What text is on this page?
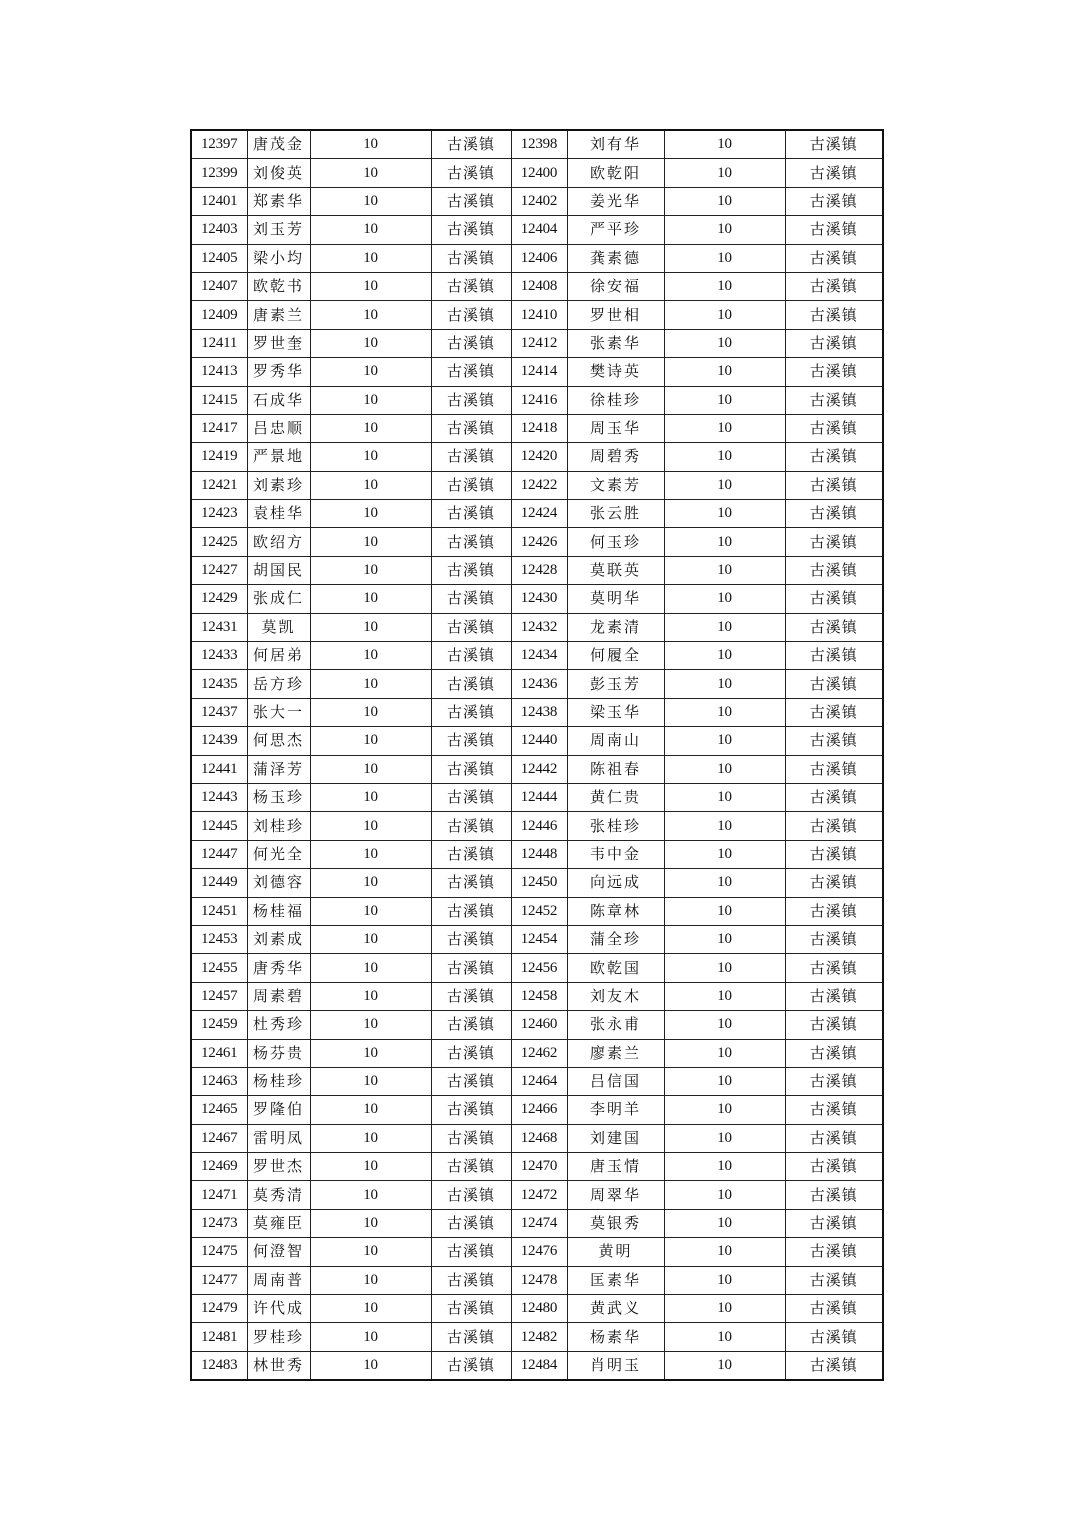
12397	唐茂金	10	古溪镇	12398	刘有华	10	古溪镇
12399	刘俊英	10	古溪镇	12400	欧乾阳	10	古溪镇
12401	郑素华	10	古溪镇	12402	姜光华	10	古溪镇
12403	刘玉芳	10	古溪镇	12404	严平珍	10	古溪镇
12405	梁小均	10	古溪镇	12406	龚素德	10	古溪镇
12407	欧乾书	10	古溪镇	12408	徐安福	10	古溪镇
12409	唐素兰	10	古溪镇	12410	罗世相	10	古溪镇
12411	罗世奎	10	古溪镇	12412	张素华	10	古溪镇
12413	罗秀华	10	古溪镇	12414	樊诗英	10	古溪镇
12415	石成华	10	古溪镇	12416	徐桂珍	10	古溪镇
12417	吕忠顺	10	古溪镇	12418	周玉华	10	古溪镇
12419	严景地	10	古溪镇	12420	周碧秀	10	古溪镇
12421	刘素珍	10	古溪镇	12422	文素芳	10	古溪镇
12423	袁桂华	10	古溪镇	12424	张云胜	10	古溪镇
12425	欧绍方	10	古溪镇	12426	何玉珍	10	古溪镇
12427	胡国民	10	古溪镇	12428	莫联英	10	古溪镇
12429	张成仁	10	古溪镇	12430	莫明华	10	古溪镇
12431	莫凯	10	古溪镇	12432	龙素清	10	古溪镇
12433	何居弟	10	古溪镇	12434	何履全	10	古溪镇
12435	岳方珍	10	古溪镇	12436	彭玉芳	10	古溪镇
12437	张大一	10	古溪镇	12438	梁玉华	10	古溪镇
12439	何思杰	10	古溪镇	12440	周南山	10	古溪镇
12441	蒲泽芳	10	古溪镇	12442	陈祖春	10	古溪镇
12443	杨玉珍	10	古溪镇	12444	黄仁贵	10	古溪镇
12445	刘桂珍	10	古溪镇	12446	张桂珍	10	古溪镇
12447	何光全	10	古溪镇	12448	韦中金	10	古溪镇
12449	刘德容	10	古溪镇	12450	向远成	10	古溪镇
12451	杨桂福	10	古溪镇	12452	陈章林	10	古溪镇
12453	刘素成	10	古溪镇	12454	蒲全珍	10	古溪镇
12455	唐秀华	10	古溪镇	12456	欧乾国	10	古溪镇
12457	周素碧	10	古溪镇	12458	刘友木	10	古溪镇
12459	杜秀珍	10	古溪镇	12460	张永甫	10	古溪镇
12461	杨芬贵	10	古溪镇	12462	廖素兰	10	古溪镇
12463	杨桂珍	10	古溪镇	12464	吕信国	10	古溪镇
12465	罗隆伯	10	古溪镇	12466	李明羊	10	古溪镇
12467	雷明凤	10	古溪镇	12468	刘建国	10	古溪镇
12469	罗世杰	10	古溪镇	12470	唐玉情	10	古溪镇
12471	莫秀清	10	古溪镇	12472	周翠华	10	古溪镇
12473	莫雍臣	10	古溪镇	12474	莫银秀	10	古溪镇
12475	何澄智	10	古溪镇	12476	黄明	10	古溪镇
12477	周南普	10	古溪镇	12478	匡素华	10	古溪镇
12479	许代成	10	古溪镇	12480	黄武义	10	古溪镇
12481	罗桂珍	10	古溪镇	12482	杨素华	10	古溪镇
12483	林世秀	10	古溪镇	12484	肖明玉	10	古溪镇
